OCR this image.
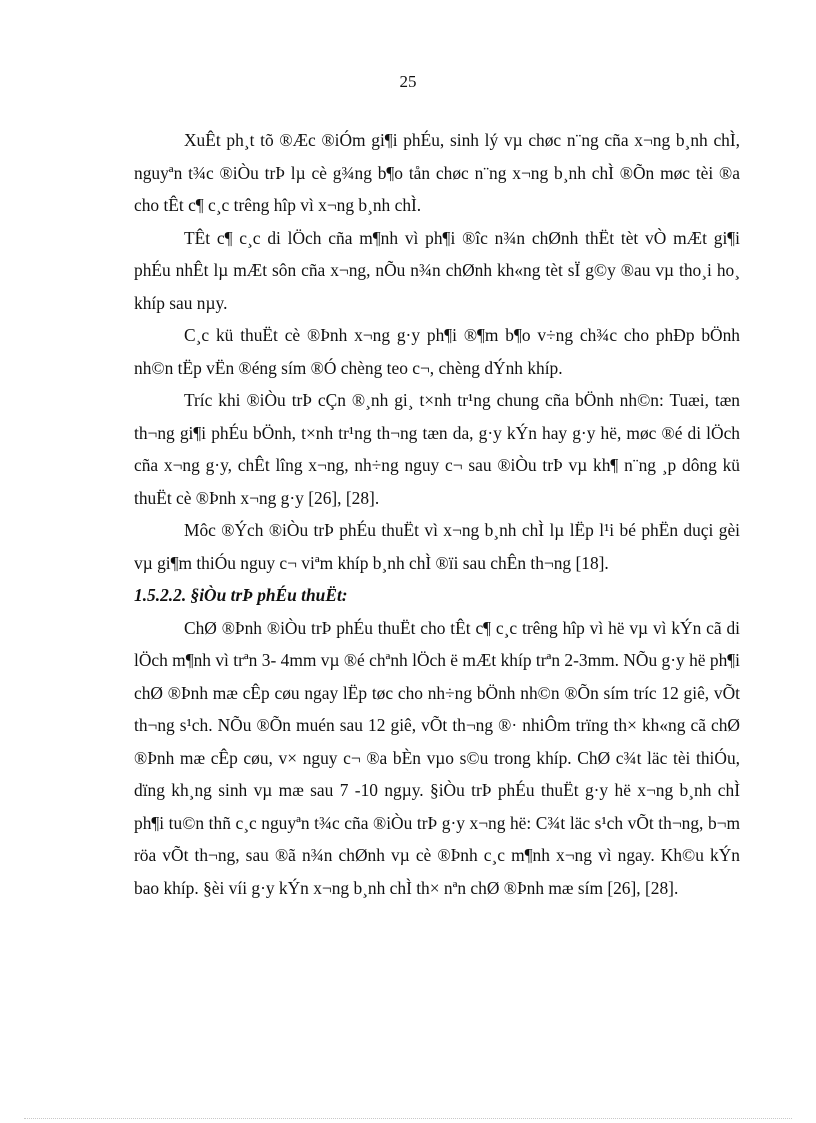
25

XuÊt ph¸t tõ ®Æc ®iÓm gi¶i phÉu, sinh lý vµ chøc n¨ng cña x¬ng b¸nh chÌ, nguyªn t¾c ®iÒu trÞ lµ cè g¾ng b¶o tån chøc n¨ng x¬ng b¸nh chÌ ®Õn møc tèi ®a cho tÊt c¶ c¸c trêng hîp vì x¬ng b¸nh chÌ.

TÊt c¶ c¸c di lÖch cña m¶nh vì ph¶i ®îc n¾n chØnh thËt tèt vÒ mÆt gi¶i phÉu nhÊt lµ mÆt sôn cña x¬ng, nÕu n¾n chØnh kh«ng tèt sÏ g©y ®au vµ tho¸i ho¸ khíp sau nµy.

C¸c kü thuËt cè ®Þnh x¬ng g·y ph¶i ®¶m b¶o v÷ng ch¾c cho phÐp bÖnh nh©n tËp vËn ®éng sím ®Ó chèng teo c¬, chèng dÝnh khíp.

Tríc khi ®iÒu trÞ cÇn ®¸nh gi¸ t×nh tr¹ng chung cña bÖnh nh©n: Tuæi, tæn th¬ng gi¶i phÉu bÖnh, t×nh tr¹ng th¬ng tæn da, g·y kÝn hay g·y hë, møc ®é di lÖch cña x¬ng g·y, chÊt lîng x¬ng, nh÷ng nguy c¬ sau ®iÒu trÞ vµ kh¶ n¨ng ¸p dông kü thuËt cè ®Þnh x¬ng g·y [26], [28].

Môc ®Ých ®iÒu trÞ phÉu thuËt vì x¬ng b¸nh chÌ lµ lËp l¹i bé phËn duçi gèi vµ gi¶m thiÓu nguy c¬ viªm khíp b¸nh chÌ ®ïi sau chÊn th¬ng [18].

1.5.2.2. §iÒu trÞ phÉu thuËt:

ChØ ®Þnh ®iÒu trÞ phÉu thuËt cho tÊt c¶ c¸c trêng hîp vì hë vµ vì kÝn cã di lÖch m¶nh vì trªn 3- 4mm vµ ®é chªnh lÖch ë mÆt khíp trªn 2-3mm. NÕu g·y hë ph¶i chØ ®Þnh mæ cÊp cøu ngay lËp tøc cho nh÷ng bÖnh nh©n ®Õn sím tríc 12 giê, vÕt th¬ng s¹ch. NÕu ®Õn muén sau 12 giê, vÕt th¬ng ®· nhiÔm trïng th× kh«ng cã chØ ®Þnh mæ cÊp cøu, v× nguy c¬ ®a bÈn vµo s©u trong khíp. ChØ c¾t läc tèi thiÓu, dïng kh¸ng sinh vµ mæ sau 7 -10 ngµy. §iÒu trÞ phÉu thuËt g·y hë x¬ng b¸nh chÌ ph¶i tu©n thñ c¸c nguyªn t¾c cña ®iÒu trÞ g·y x¬ng hë: C¾t läc s¹ch vÕt th¬ng, b¬m röa vÕt th¬ng, sau ®ã n¾n chØnh vµ cè ®Þnh c¸c m¶nh x¬ng vì ngay. Kh©u kÝn bao khíp. §èi víi g·y kÝn x¬ng b¸nh chÌ th× nªn chØ ®Þnh mæ sím [26], [28].
